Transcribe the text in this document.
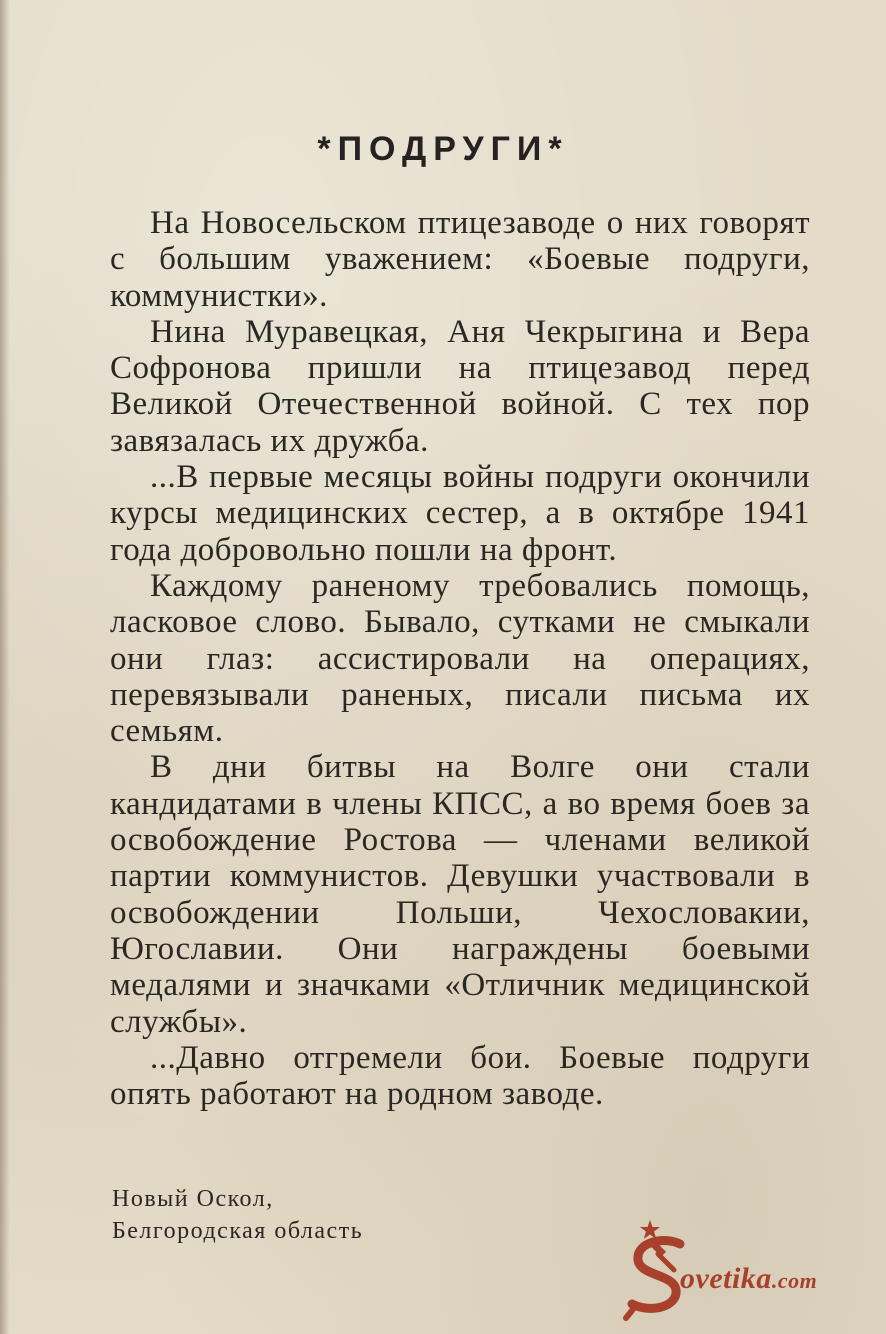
*ПОДРУГИ*

На Новосельском птицезаводе о них говорят с большим уважением: «Боевые подруги, коммунистки».

Нина Муравецкая, Аня Чекрыгина и Вера Софронова пришли на птицезавод перед Великой Отечественной войной. С тех пор завязалась их дружба.

...В первые месяцы войны подруги окончили курсы медицинских сестер, а в октябре 1941 года добровольно пошли на фронт.

Каждому раненому требовались помощь, ласковое слово. Бывало, сутками не смыкали они глаз: ассистировали на операциях, перевязывали раненых, писали письма их семьям.

В дни битвы на Волге они стали кандидатами в члены КПСС, а во время боев за освобождение Ростова — членами великой партии коммунистов. Девушки участвовали в освобождении Польши, Чехословакии, Югославии. Они награждены боевыми медалями и значками «Отличник медицинской службы».

...Давно отгремели бои. Боевые подруги опять работают на родном заводе.

Новый Оскол,
Белгородская область
ovetika.com
